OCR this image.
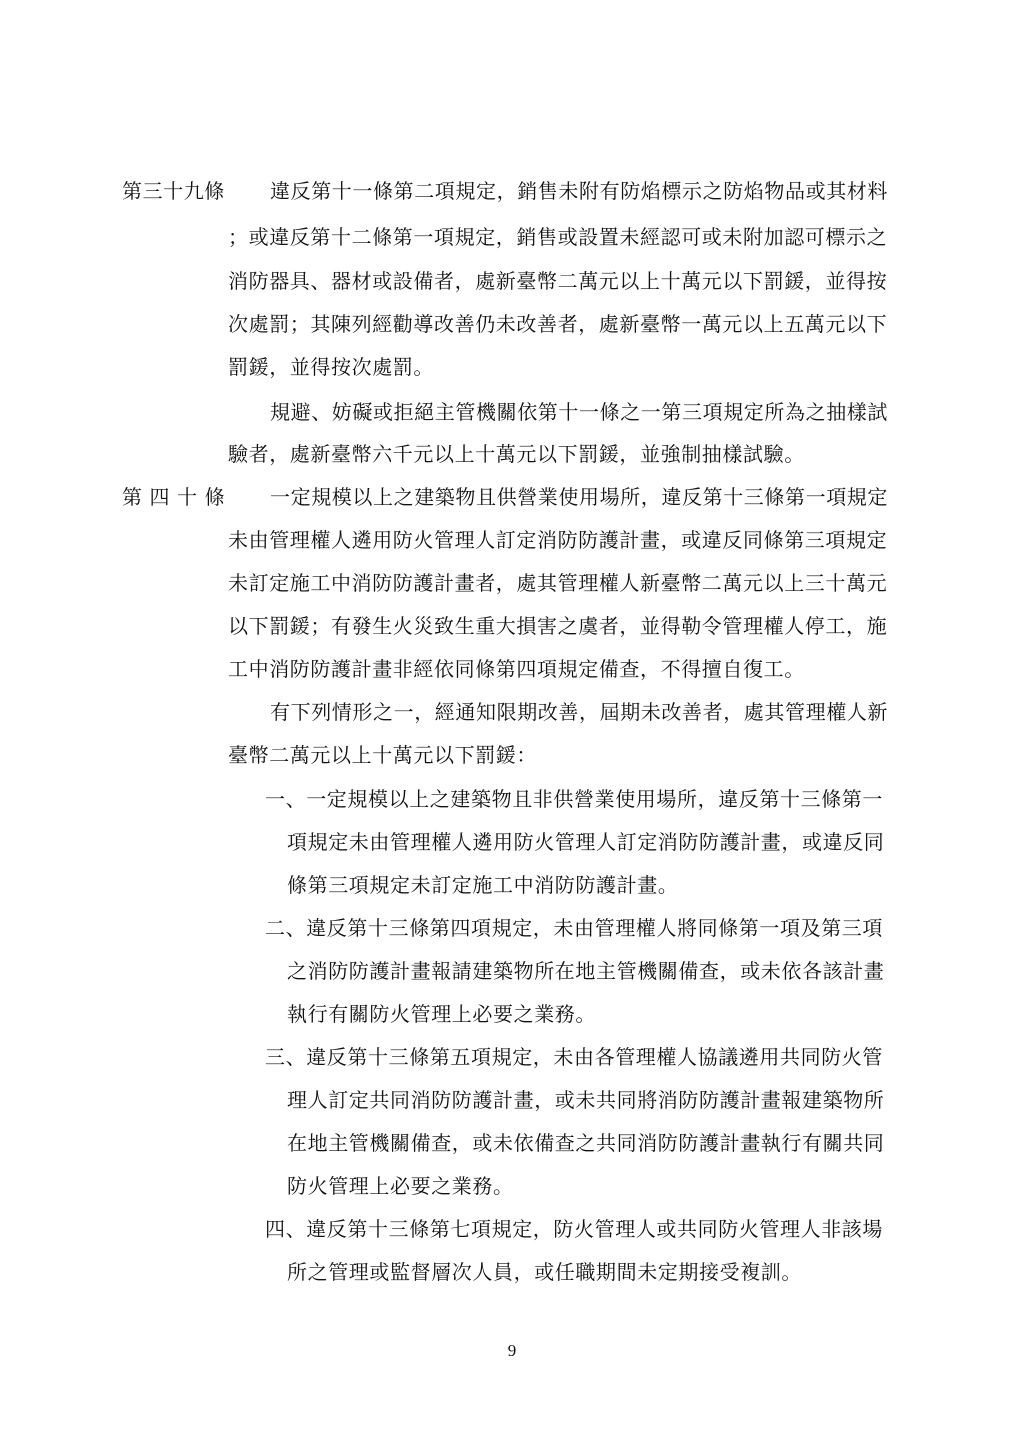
第三十九條 違反第十一條第二項規定，銷售未附有防焰標示之防焰物品或其材料
；或違反第十二條第一項規定，銷售或設置未經認可或未附加認可標示之
消防器具、器材或設備者，處新臺幣二萬元以上十萬元以下罰鍰，並得按
次處罰；其陳列經勸導改善仍未改善者，處新臺幣一萬元以上五萬元以下
罰鍰，並得按次處罰。
規避、妨礙或拒絕主管機關依第十一條之一第三項規定所為之抽樣試
驗者，處新臺幣六千元以上十萬元以下罰鍰，並強制抽樣試驗。
第 四 十 條 一定規模以上之建築物且供營業使用場所，違反第十三條第一項規定
未由管理權人遴用防火管理人訂定消防防護計畫，或違反同條第三項規定
未訂定施工中消防防護計畫者，處其管理權人新臺幣二萬元以上三十萬元
以下罰鍰；有發生火災致生重大損害之虞者，並得勒令管理權人停工，施
工中消防防護計畫非經依同條第四項規定備查，不得擅自復工。
有下列情形之一，經通知限期改善，屆期未改善者，處其管理權人新
臺幣二萬元以上十萬元以下罰鍰：
一、一定規模以上之建築物且非供營業使用場所，違反第十三條第一
項規定未由管理權人遴用防火管理人訂定消防防護計畫，或違反同
條第三項規定未訂定施工中消防防護計畫。
二、違反第十三條第四項規定，未由管理權人將同條第一項及第三項
之消防防護計畫報請建築物所在地主管機關備查，或未依各該計畫
執行有關防火管理上必要之業務。
三、違反第十三條第五項規定，未由各管理權人協議遴用共同防火管
理人訂定共同消防防護計畫，或未共同將消防防護計畫報建築物所
在地主管機關備查，或未依備查之共同消防防護計畫執行有關共同
防火管理上必要之業務。
四、違反第十三條第七項規定，防火管理人或共同防火管理人非該場
所之管理或監督層次人員，或任職期間未定期接受複訓。
9
